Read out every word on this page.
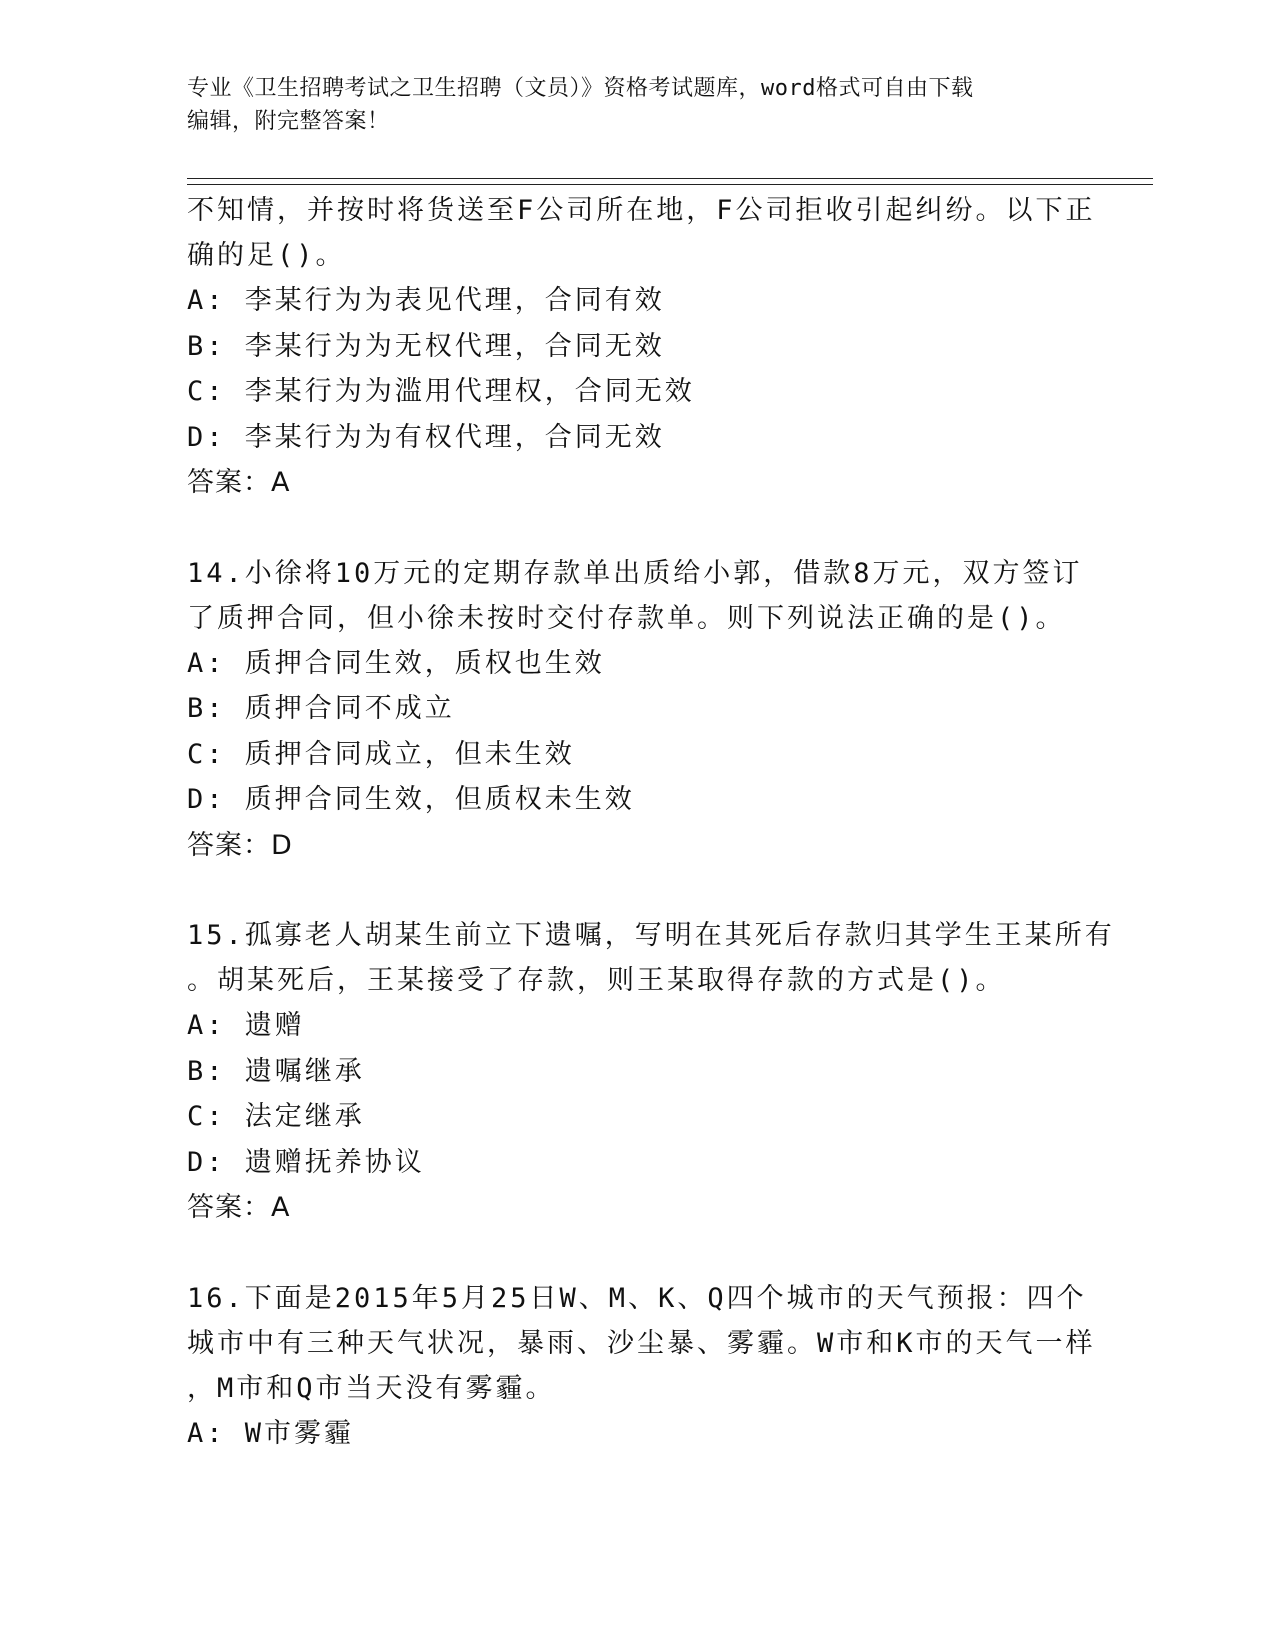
专业《卫生招聘考试之卫生招聘（文员）》资格考试题库，word格式可自由下载
编辑，附完整答案！

不知情，并按时将货送至F公司所在地，F公司拒收引起纠纷。以下正

确的足()。

A: 李某行为为表见代理，合同有效

B: 李某行为为无权代理，合同无效

C: 李某行为为滥用代理权，合同无效

D: 李某行为为有权代理，合同无效

答案：A

14.小徐将10万元的定期存款单出质给小郭，借款8万元，双方签订

了质押合同，但小徐未按时交付存款单。则下列说法正确的是()。

A: 质押合同生效，质权也生效

B: 质押合同不成立

C: 质押合同成立，但未生效

D: 质押合同生效，但质权未生效

答案：D

15.孤寡老人胡某生前立下遗嘱，写明在其死后存款归其学生王某所有

。胡某死后，王某接受了存款，则王某取得存款的方式是()。

A: 遗赠

B: 遗嘱继承

C: 法定继承

D: 遗赠抚养协议

答案：A

16.下面是2015年5月25日W、M、K、Q四个城市的天气预报：四个

城市中有三种天气状况，暴雨、沙尘暴、雾霾。W市和K市的天气一样

，M市和Q市当天没有雾霾。

A: W市雾霾
